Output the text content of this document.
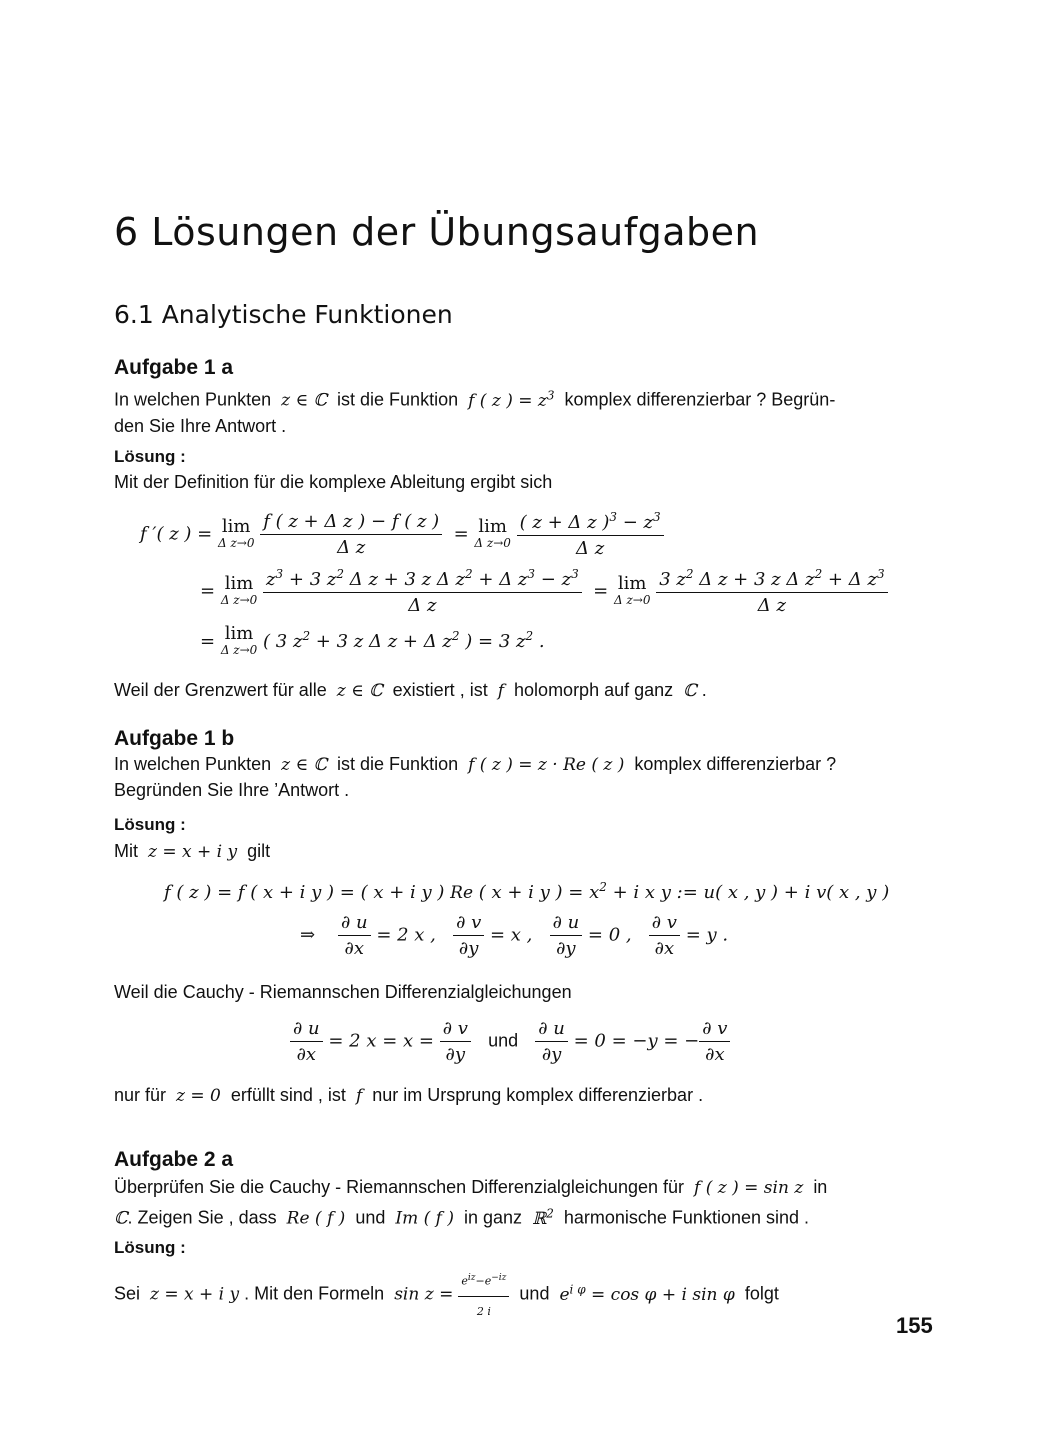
6 Lösungen der Übungsaufgaben
6.1 Analytische Funktionen
Aufgabe 1 a
In welchen Punkten z ∈ ℂ ist die Funktion f ( z ) = $z^3$ komplex differenzierbar ? Begrün-
den Sie Ihre Antwort .
Lösung :
Mit der Definition für die komplexe Ableitung ergibt sich
f ′( z ) = lim
Δ z→0
$\frac{\text{f ( z + Δ z ) − f ( z )}}{\text{Δ z}} = \lim$
Δ z→0
$\frac{( z + \Delta z )^3 - z^3}{\text{Δ z}}$
= lim
Δ z→0
$\frac{z^3 + 3 z^2 \Delta z + 3 z \Delta z^2 + \Delta z^3 - z^3}{\text{Δ z}} = \lim$
Δ z→0
$\frac{3 z^2 \Delta z + 3 z \Delta z^2 + \Delta z^3}{\text{Δ z}}$
= lim
Δ z→0 ( 3 $z^2 + 3$ z Δ z + Δ $z^2$ ) = 3 $z^2$ .
Weil der Grenzwert für alle z ∈ ℂ existiert , ist f holomorph auf ganz ℂ .
Aufgabe 1 b
In welchen Punkten z ∈ ℂ ist die Funktion f ( z ) = z · Re ( z ) komplex differenzierbar ?
Begründen Sie Ihre ’Antwort .
Lösung :
Mit z = x + i y gilt
f ( z ) = f ( x + i y ) = ( x + i y ) Re ( x + i y ) = $x^2 + i$ x y := u( x , y ) + i v( x , y )
⇒ $\frac{\partial u}{\partial x} = 2$ x , $\frac{\partial v}{\partial y} = x$ , $\frac{\partial u}{\partial y} = 0$ , $\frac{\partial v}{\partial x} = y$ .
Weil die Cauchy - Riemannschen Differenzialgleichungen
$\frac{\partial u}{\partial x} = 2$ $x = x = \frac{\partial v}{\partial y}$ und $\frac{\partial u}{\partial y} = 0 = -y$ = − $\frac{\partial v}{\partial x}$
nur für z = 0 erfüllt sind , ist f nur im Ursprung komplex differenzierbar .
Aufgabe 2 a
Überprüfen Sie die Cauchy - Riemannschen Differenzialgleichungen für f ( z ) = sin z in
ℂ. Zeigen Sie , dass Re ( f ) und Im ( f ) in ganz ℝ$^2$ harmonische Funktionen sind .
Lösung :
Sei z = x + i y . Mit den Formeln $\sin z = \frac{e^{iz}-e^{-iz}}{2 i}$ und $e^{i \varphi} = \cos \varphi + i$ sin φ folgt
155
